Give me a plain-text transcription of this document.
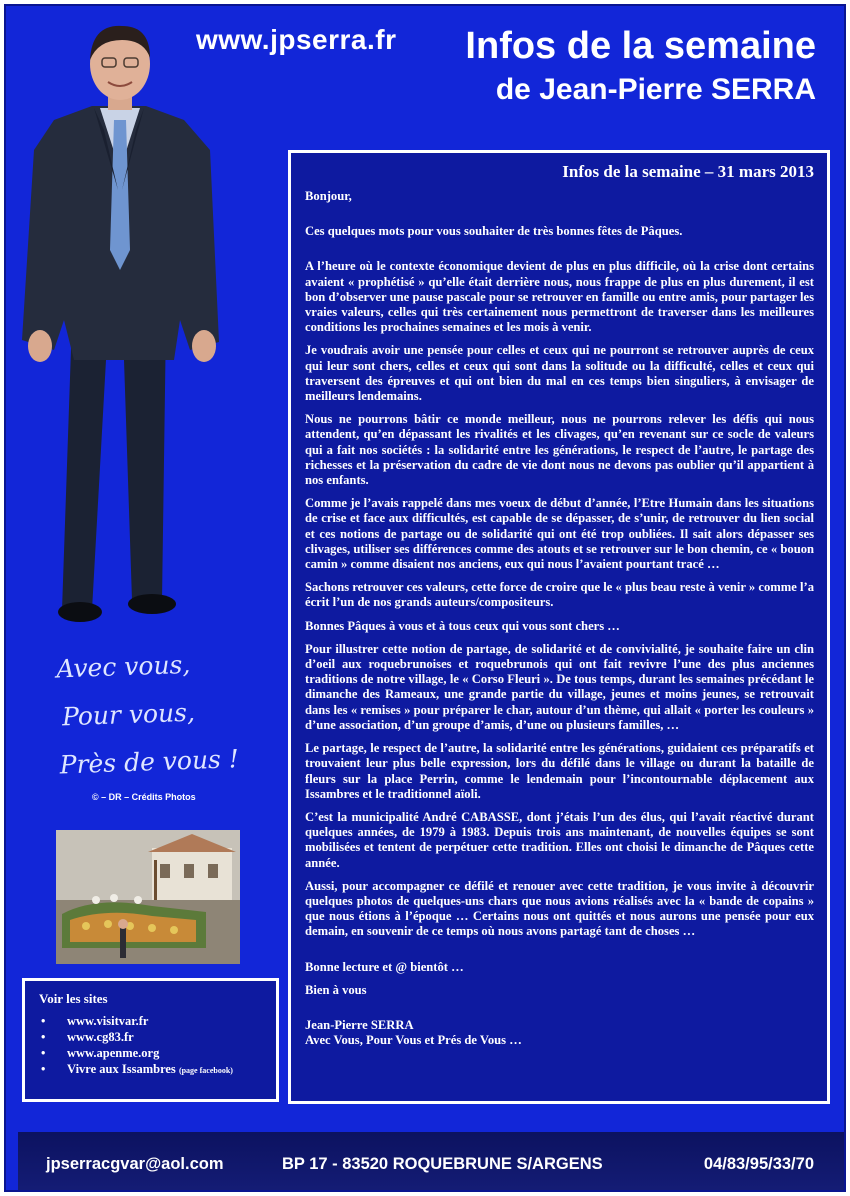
www.jpserra.fr Infos de la semaine
de Jean-Pierre SERRA
Avec vous,
Pour vous,
Près de vous !
© – DR – Crédits Photos
Voir les sites
• www.visitvar.fr
• www.cg83.fr
• www.apenme.org
• Vivre aux Issambres (page facebook)
Infos de la semaine – 31 mars 2013

Bonjour,

Ces quelques mots pour vous souhaiter de très bonnes fêtes de Pâques.

A l’heure où le contexte économique devient de plus en plus difficile, où la crise dont certains avaient « prophétisé » qu’elle était derrière nous, nous frappe de plus en plus durement, il est bon d’observer une pause pascale pour se retrouver en famille ou entre amis, pour partager les vraies valeurs, celles qui très certainement nous permettront de traverser dans les meilleures conditions les prochaines semaines et les mois à venir.

Je voudrais avoir une pensée pour celles et ceux qui ne pourront se retrouver auprès de ceux qui leur sont chers, celles et ceux qui sont dans la solitude ou la difficulté, celles et ceux qui traversent des épreuves et qui ont bien du mal en ces temps bien singuliers, à envisager de meilleurs lendemains.

Nous ne pourrons bâtir ce monde meilleur, nous ne pourrons relever les défis qui nous attendent, qu’en dépassant les rivalités et les clivages, qu’en revenant sur ce socle de valeurs qui a fait nos sociétés : la solidarité entre les générations, le respect de l’autre, le partage des richesses et la préservation du cadre de vie dont nous ne devons pas oublier qu’il appartient à nos enfants.

Comme je l’avais rappelé dans mes voeux de début d’année, l’Etre Humain dans les situations de crise et face aux difficultés, est capable de se dépasser, de s’unir, de retrouver du lien social et ces notions de partage ou de solidarité qui ont été trop oubliées. Il sait alors dépasser ses clivages, utiliser ses différences comme des atouts et se retrouver sur le bon chemin, ce « bouon camin » comme disaient nos anciens, eux qui nous l’avaient pourtant tracé …

Sachons retrouver ces valeurs, cette force de croire que le « plus beau reste à venir » comme l’a écrit l’un de nos grands auteurs/compositeurs.

Bonnes Pâques à vous et à tous ceux qui vous sont chers …

Pour illustrer cette notion de partage, de solidarité et de convivialité, je souhaite faire un clin d’oeil aux roquebrunoises et roquebrunois qui ont fait revivre l’une des plus anciennes traditions de notre village, le « Corso Fleuri ». De tous temps, durant les semaines précédant le dimanche des Rameaux, une grande partie du village, jeunes et moins jeunes, se retrouvait dans les « remises » pour préparer le char, autour d’un thème, qui allait « porter les couleurs » d’une association, d’un groupe d’amis, d’une ou plusieurs familles, …

Le partage, le respect de l’autre, la solidarité entre les générations, guidaient ces préparatifs et trouvaient leur plus belle expression, lors du défilé dans le village ou durant la bataille de fleurs sur la place Perrin, comme le lendemain pour l’incontournable déplacement aux Issambres et le traditionnel aïoli.

C’est la municipalité André CABASSE, dont j’étais l’un des élus, qui l’avait réactivé durant quelques années, de 1979 à 1983. Depuis trois ans maintenant, de nouvelles équipes se sont mobilisées et tentent de perpétuer cette tradition. Elles ont choisi le dimanche de Pâques cette année.

Aussi, pour accompagner ce défilé et renouer avec cette tradition, je vous invite à découvrir quelques photos de quelques-uns chars que nous avions réalisés avec la « bande de copains » que nous étions à l’époque … Certains nous ont quittés et nous aurons une pensée pour eux demain, en souvenir de ce temps où nous avons partagé tant de choses …

Bonne lecture et @ bientôt …

Bien à vous

Jean-Pierre SERRA

Avec Vous, Pour Vous et Prés de Vous …

jpserracgvar@aol.com	BP 17 - 83520 ROQUEBRUNE S/ARGENS	04/83/95/33/70
